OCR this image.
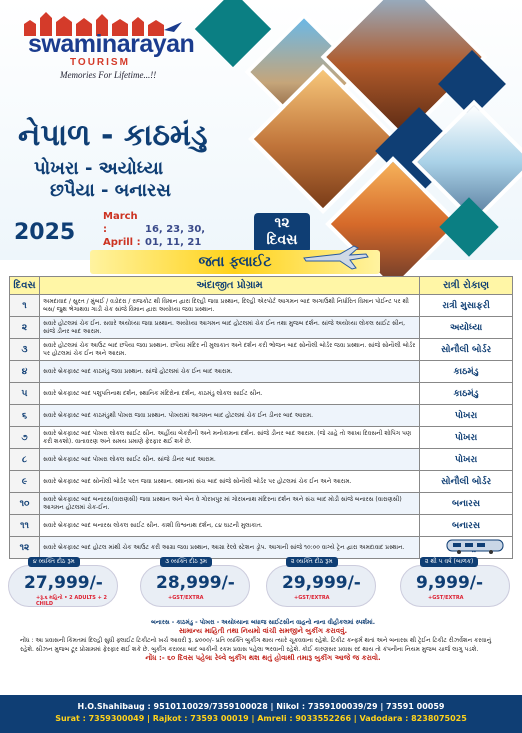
swaminarayan
TOURISM
Memories For Lifetime...!!
નેપાળ - કાઠમંડુ
પોખરા - અયોધ્યા
છપૈયા - બનારસ
2025
March :	16, 23, 30,
Aprill : 01, 11, 21
૧૨
દિવસ
જતા ફ્લાઈટ
દિવસ	અંદાજીત પ્રોગ્રામ	રાત્રી રોકાણ
૧	અમદાવાદ / સુરત / મુંબઈ / વડોદરા / રાજકોટ થી વિમાન દ્વારા દિલ્હી જવા પ્રસ્થાન, દિલ્હી એરપોર્ટ આગમન બાદ અગાઉથી નિર્ધારિત વિમાન પોઈન્ટ પર થી બસ/ જુથ ભેગાથવા ગાડી ચેક સાંજે વિમાન દ્વારા અયોધ્યા જવા પ્રસ્થાન.	રાત્રી મુસાફરી
૨	સવારે હોટલમાં ચેક ઈન. સવારે અયોધ્યા જવા પ્રસ્થાન. અયોધ્યા આગમન બાદ હોટલમાં ચેક ઈન તથા મુજબ દર્શન. સાંજે અયોધ્યા લોકલ સાઈટ સીન, સાંજે ડીનર બાદ આરામ.	અયોધ્યા
૩	સવારે હોટલમાં ચેક આઉટ બાદ છપૈયા જવા પ્રસ્થાન. છપૈયા મંદિર ની મુલાકાત અને દર્શન કરી ભોજન બાદ સોનૌલી બોર્ડર જવા પ્રસ્થાન. સાંજે સોનૌલી બોર્ડર પર હોટલમાં ચેક ઈન અને આરામ.	સોનૌલી બોર્ડર
૪	સવારે બ્રેકફાસ્ટ બાદ કાઠમંડુ જવા પ્રસ્થાન. સાંજે હોટલમાં ચેક ઈન બાદ આરામ.	કાઠમંડુ
૫	સવારે બ્રેકફાસ્ટ બાદ પશુપતિનાથ દર્શન, સ્થાનિક મંદિરોના દર્શન, કાઠમંડુ લોકલ સાઈટ સીન.	કાઠમંડુ
૬	સવારે બ્રેકફાસ્ટ બાદ કાઠમંડુથી પોખરા જવા પ્રસ્થાન. પોખરામાં આગમન બાદ હોટલમાં ચેક ઈન ડીનર બાદ આરામ.	પોખરા
૭	સવારે બ્રેકફાસ્ટ બાદ પોખરા લોકલ સાઈટ સીન. અહીંયા બેકરીની અને મનોકામના દર્શન. સાંજે ડીનર બાદ આરામ. (જે ચાહે તો આખા દિવસની શોપિંગ પણ કરી શકશો). વાતાવરણ અને સમય પ્રમાણે ફેરફાર થઈ શકે છે.	પોખરા
૮	સવારે બ્રેકફાસ્ટ બાદ પોખરા લોકલ સાઈટ સીન. સાંજે ડીનર બાદ આરામ.	પોખરા
૯	સવારે બ્રેકફાસ્ટ બાદ સોનૌલી બોર્ડર પરત જવા પ્રસ્થાન. સ્થાનમાં સંચ બાદ સાંજે સોનૌલી બોર્ડર પર હોટલમાં ચેક ઈન અને આરામ.	સોનૌલી બોર્ડર
૧૦	સવારે બ્રેકફાસ્ટ બાદ બનારસ(વારાણસી) જવા પ્રસ્થાન અને બેન વે ગોરખપુર માં ગોરખનાથ મંદિરના દર્શન અને સંચ બાદ મોડી સાંજે બનારસ (વારાણસી) આગમન હોટલમાં ચેક-ઈન.	બનારસ
૧૧	સવારે બ્રેકફાસ્ટ બાદ બનારસ લોકલ સાઈટ સીન. કાશી વિશ્વનાથ દર્શન, ૮૪ ઘાટની મુલાકાત.	બનારસ
૧૨	સવારે બ્રેકફાસ્ટ બાદ હોટલ માંથી ચેક આઉટ કરી આગ્રા જવા પ્રસ્થાન, આગ્રા રેલ્વે સ્ટેશન ડ્રોપ. આગાની સાંજે ૧૦:૦૦ વાગ્યે ટ્રેન દ્વારા અમદાવાદ પ્રસ્થાન.	
૪ વ્યક્તિ દીઠ રૂમ
27,999/-
+રૂ.૬ મહિનો • 2 ADULTS + 2 CHILD
૩ વ્યક્તિ દીઠ રૂમ
28,999/-
+GST/EXTRA
૨ વ્યક્તિ દીઠ રૂમ
29,999/-
+GST/EXTRA
૨ થી ૫ વર્ષ (બાળક)
9,999/-
+GST/EXTRA
બનારસ - કાઠમંડુ - પોખરા - અયોધ્યાના બધાજ સાઈટસીન વાહનો નાના વીહીકલમાં સ્પર્શમાં.
સામાન્ય માહિતી તથા નિયમો વાંચી સમજીને બુકીંગ કરાવવું.
નોંધ : આ પ્રવાસની કિંમતમાં દિલ્હી સુધી ફ્લાઈટ ટિકીટનો ખર્ચ આવરી રૂ. ૪૦૦૦/- પ્રતિ વ્યક્તિ બુકીંગ થાય ત્યારે ચૂકવવાના રહેશે. ટિકીટ કન્ફર્મ થતાં અને બનારસ થી ટ્રેઈન ટિકીટ રીઝર્વેશન કરવાનું રહેશે. સીઝન મુજબ ટૂર પ્રોગ્રામમાં ફેરફાર થઈ શકે છે. બુકીંગ કરાવ્યા બાદ બાકીની રકમ પ્રવાસ પહેલા ભરવાની રહેશે. કોઈ કારણસર પ્રવાસ રદ થાય તો કંપનીના નિયમ મુજબ ચાર્જ લાગુ પડશે.
નોંધ :- ૬૦ દિવસ પહેલા રેલ્વે બુકીંગ થશ થતું હોવાથી તમારૂ બુકીંગ આજે જ કરાવો.
H.O.Shahibaug : 9510110029/7359100028 | Nikol : 7359100039/29 | 73591 00059
Surat : 7359300049 | Rajkot : 73593 00019 | Amreli : 9033552266 | Vadodara : 8238075025
